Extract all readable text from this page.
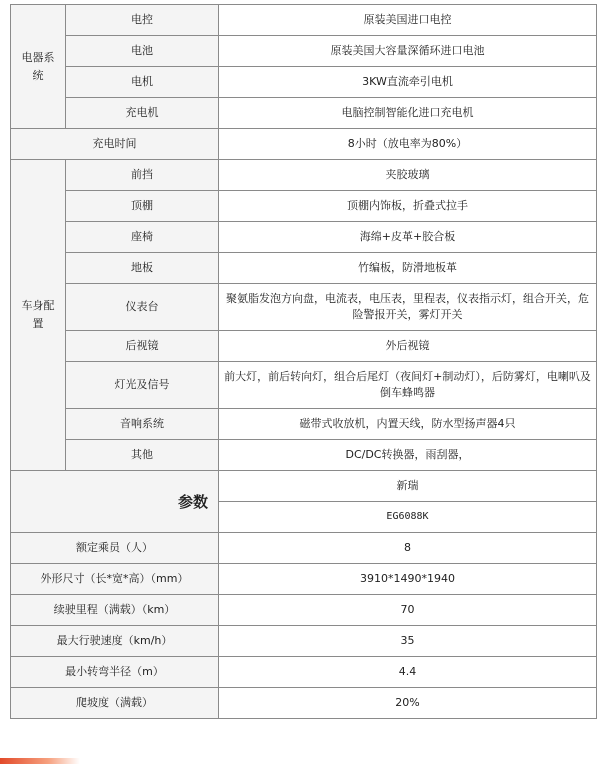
电器系统	电控	原装美国进口电控
	电池	原装美国大容量深循环进口电池
	电机	3KW直流牵引电机
	充电机	电脑控制智能化进口充电机
充电时间		8小时（放电率为80%）
车身配置	前挡	夹胶玻璃
	顶棚	顶棚内饰板，折叠式拉手
	座椅	海绵+皮革+胶合板
	地板	竹编板，防滑地板革
	仪表台	聚氨脂发泡方向盘，电流表，电压表，里程表，仪表指示灯，组合开关，危险警报开关，雾灯开关
	后视镜	外后视镜
	灯光及信号	前大灯，前后转向灯，组合后尾灯（夜间灯+制动灯），后防雾灯，电喇叭及倒车蜂鸣器
	音响系统	磁带式收放机，内置天线，防水型扬声器4只
	其他	DC/DC转换器，雨刮器，
参数		新瑞
		EG6088K
额定乘员（人）		8
外形尺寸（长*宽*高）（mm）		3910*1490*1940
续驶里程（满载）（km）		70
最大行驶速度（km/h）		35
最小转弯半径（m）		4.4
爬坡度（满载）		20%
